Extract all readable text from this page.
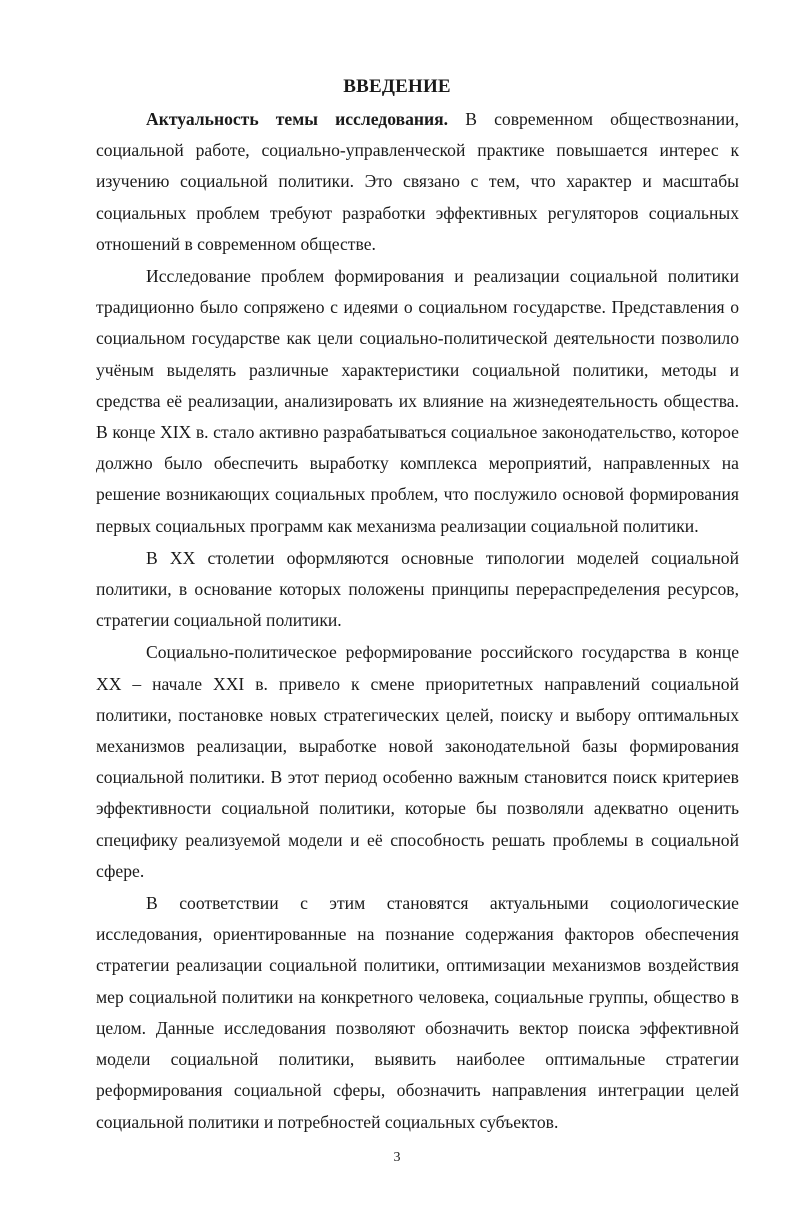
ВВЕДЕНИЕ

Актуальность темы исследования. В современном обществознании, социальной работе, социально-управленческой практике повышается интерес к изучению социальной политики. Это связано с тем, что характер и масштабы социальных проблем требуют разработки эффективных регуляторов социальных отношений в современном обществе.

Исследование проблем формирования и реализации социальной политики традиционно было сопряжено с идеями о социальном государстве. Представления о социальном государстве как цели социально-политической деятельности позволило учёным выделять различные характеристики социальной политики, методы и средства её реализации, анализировать их влияние на жизнедеятельность общества. В конце XIX в. стало активно разрабатываться социальное законодательство, которое должно было обеспечить выработку комплекса мероприятий, направленных на решение возникающих социальных проблем, что послужило основой формирования первых социальных программ как механизма реализации социальной политики.

В XX столетии оформляются основные типологии моделей социальной политики, в основание которых положены принципы перераспределения ресурсов, стратегии социальной политики.

Социально-политическое реформирование российского государства в конце XX – начале XXI в. привело к смене приоритетных направлений социальной политики, постановке новых стратегических целей, поиску и выбору оптимальных механизмов реализации, выработке новой законодательной базы формирования социальной политики. В этот период особенно важным становится поиск критериев эффективности социальной политики, которые бы позволяли адекватно оценить специфику реализуемой модели и её способность решать проблемы в социальной сфере.

В соответствии с этим становятся актуальными социологические исследования, ориентированные на познание содержания факторов обеспечения стратегии реализации социальной политики, оптимизации механизмов воздействия мер социальной политики на конкретного человека, социальные группы, общество в целом. Данные исследования позволяют обозначить вектор поиска эффективной модели социальной политики, выявить наиболее оптимальные стратегии реформирования социальной сферы, обозначить направления интеграции целей социальной политики и потребностей социальных субъектов.

3
